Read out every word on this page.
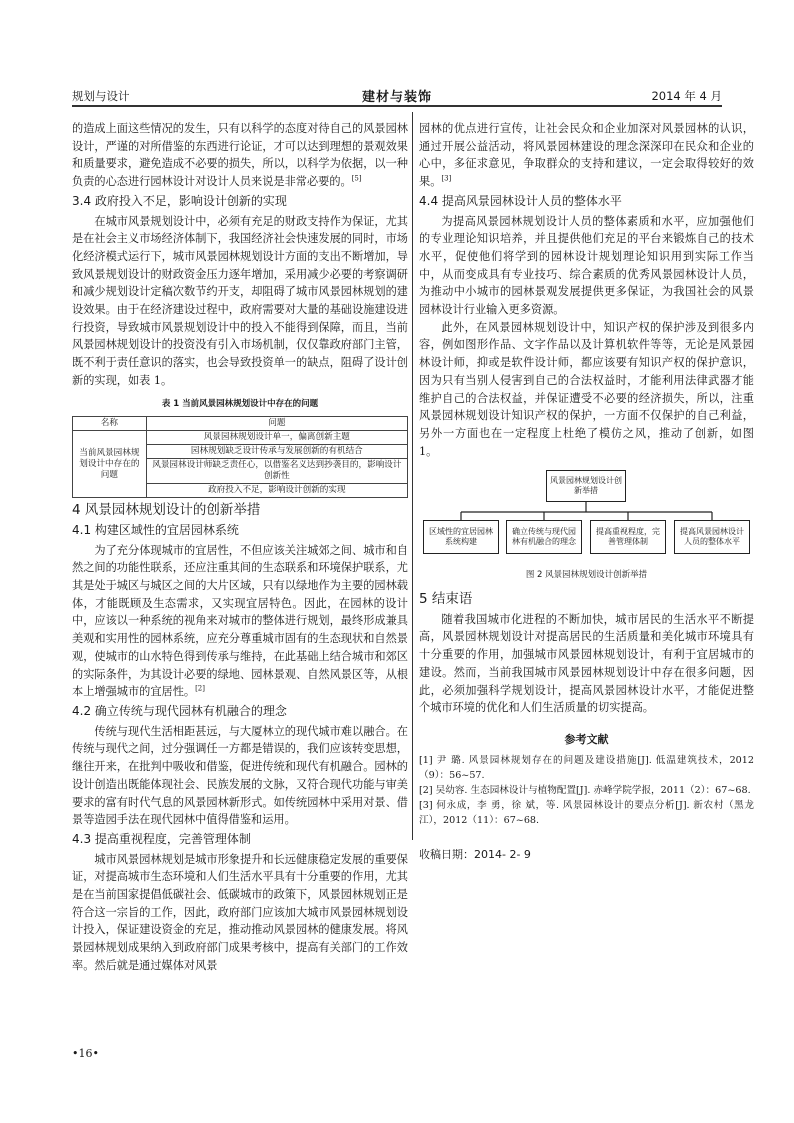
规划与设计	建材与装饰	2014 年 4 月

的造成上面这些情况的发生，只有以科学的态度对待自己的风景园林设计，严谨的对所借鉴的东西进行论证，才可以达到理想的景观效果和质量要求，避免造成不必要的损失，所以，以科学为依据，以一种负责的心态进行园林设计对设计人员来说是非常必要的。[5]

3.4 政府投入不足，影响设计创新的实现

在城市风景规划设计中，必须有充足的财政支持作为保证，尤其是在社会主义市场经济体制下，我国经济社会快速发展的同时，市场化经济模式运行下，城市风景园林规划设计方面的支出不断增加，导致风景规划设计的财政资金压力逐年增加，采用减少必要的考察调研和减少规划设计定稿次数节约开支，却阻碍了城市风景园林规划的建设效果。由于在经济建设过程中，政府需要对大量的基础设施建设进行投资，导致城市风景规划设计中的投入不能得到保障，而且，当前风景园林规划设计的投资没有引入市场机制，仅仅靠政府部门主管，既不利于责任意识的落实，也会导致投资单一的缺点，阻碍了设计创新的实现，如表 1。

表 1 当前风景园林规划设计中存在的问题
名称	问题
当前风景园林规划设计中存在的问题	风景园林规划设计单一，偏离创新主题
	园林规划缺乏设计传承与发展创新的有机结合
	风景园林设计师缺乏责任心，以借鉴名义达到抄袭目的，影响设计创新性
	政府投入不足，影响设计创新的实现
4 风景园林规划设计的创新举措
4.1 构建区域性的宜居园林系统

为了充分体现城市的宜居性，不但应该关注城郊之间、城市和自然之间的功能性联系，还应注重其间的生态联系和环境保护联系，尤其是处于城区与城区之间的大片区域，只有以绿地作为主要的园林载体，才能既顾及生态需求，又实现宜居特色。因此，在园林的设计中，应该以一种系统的视角来对城市的整体进行规划，最终形成兼具美观和实用性的园林系统，应充分尊重城市固有的生态现状和自然景观，使城市的山水特色得到传承与维持，在此基础上结合城市和郊区的实际条件，为其设计必要的绿地、园林景观、自然风景区等，从根本上增强城市的宜居性。[2]

4.2 确立传统与现代园林有机融合的理念

传统与现代生活相距甚远，与大厦林立的现代城市难以融合。在传统与现代之间，过分强调任一方都是错误的，我们应该转变思想，继往开来，在批判中吸收和借鉴，促进传统和现代有机融合。园林的设计创造出既能体现社会、民族发展的文脉，又符合现代功能与审美要求的富有时代气息的风景园林新形式。如传统园林中采用对景、借景等造园手法在现代园林中值得借鉴和运用。

4.3 提高重视程度，完善管理体制

城市风景园林规划是城市形象提升和长远健康稳定发展的重要保证，对提高城市生态环境和人们生活水平具有十分重要的作用，尤其是在当前国家提倡低碳社会、低碳城市的政策下，风景园林规划正是符合这一宗旨的工作，因此，政府部门应该加大城市风景园林规划设计投入，保证建设资金的充足，推动推动风景园林的健康发展。将风景园林规划成果纳入到政府部门成果考核中，提高有关部门的工作效率。然后就是通过媒体对风景

园林的优点进行宣传，让社会民众和企业加深对风景园林的认识，通过开展公益活动，将风景园林建设的理念深深印在民众和企业的心中，多征求意见，争取群众的支持和建议，一定会取得较好的效果。[3]

4.4 提高风景园林设计人员的整体水平

为提高风景园林规划设计人员的整体素质和水平，应加强他们的专业理论知识培养，并且提供他们充足的平台来锻炼自己的技术水平，促使他们将学到的园林设计规划理论知识用到实际工作当中，从而变成具有专业技巧、综合素质的优秀风景园林设计人员，为推动中小城市的园林景观发展提供更多保证，为我国社会的风景园林设计行业输入更多资源。

此外，在风景园林规划设计中，知识产权的保护涉及到很多内容，例如图形作品、文字作品以及计算机软件等等，无论是风景园林设计师，抑或是软件设计师，都应该要有知识产权的保护意识，因为只有当别人侵害到自己的合法权益时，才能利用法律武器才能维护自己的合法权益，并保证遭受不必要的经济损失，所以，注重风景园林规划设计知识产权的保护，一方面不仅保护的自己利益，另外一方面也在一定程度上杜绝了模仿之风，推动了创新，如图 1。

风景园林规划设计创新举措
区域性的宜居园林系统构建
确立传统与现代园林有机融合的理念
提高重视程度，完善管理体制
提高风景园林设计人员的整体水平
图 2 风景园林规划设计创新举措
5 结束语

随着我国城市化进程的不断加快，城市居民的生活水平不断提高，风景园林规划设计对提高居民的生活质量和美化城市环境具有十分重要的作用，加强城市风景园林规划设计，有利于宜居城市的建设。然而，当前我国城市风景园林规划设计中存在很多问题，因此，必须加强科学规划设计，提高风景园林设计水平，才能促进整个城市环境的优化和人们生活质量的切实提高。

参考文献

[1] 尹 璐. 风景园林规划存在的问题及建设措施[J]. 低温建筑技术，2012（9）：56~57.

[2] 吴幼容. 生态园林设计与植物配置[J]. 赤峰学院学报，2011（2）：67~68.

[3] 何永成，李 勇，徐 斌，等. 风景园林设计的要点分析[J]. 新农村（黑龙江），2012（11）：67~68.

收稿日期：2014- 2- 9
•16•
